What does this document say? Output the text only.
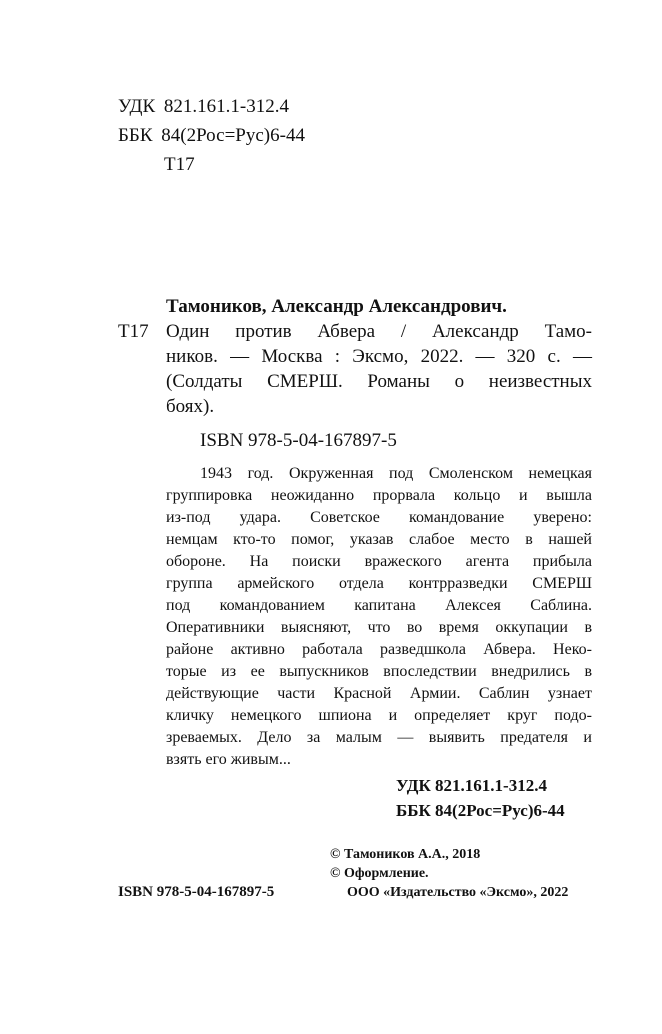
УДК 821.161.1-312.4
ББК 84(2Рос=Рус)6-44
Т17
Тамоников, Александр Александрович.
Т17 Один против Абвера / Александр Тамо-
ников. — Москва : Эксмо, 2022. — 320 с. —
(Солдаты СМЕРШ. Романы о неизвестных
боях).
ISBN 978-5-04-167897-5
1943 год. Окруженная под Смоленском немецкая
группировка неожиданно прорвала кольцо и вышла
из-под удара. Советское командование уверено:
немцам кто-то помог, указав слабое место в нашей
обороне. На поиски вражеского агента прибыла
группа армейского отдела контрразведки СМЕРШ
под командованием капитана Алексея Саблина.
Оперативники выясняют, что во время оккупации в
районе активно работала разведшкола Абвера. Неко-
торые из ее выпускников впоследствии внедрились в
действующие части Красной Армии. Саблин узнает
кличку немецкого шпиона и определяет круг подо-
зреваемых. Дело за малым — выявить предателя и
взять его живым...
УДК 821.161.1-312.4
ББК 84(2Рос=Рус)6-44
© Тамоников А.А., 2018
© Оформление.
ISBN 978-5-04-167897-5	ООО «Издательство «Эксмо», 2022
